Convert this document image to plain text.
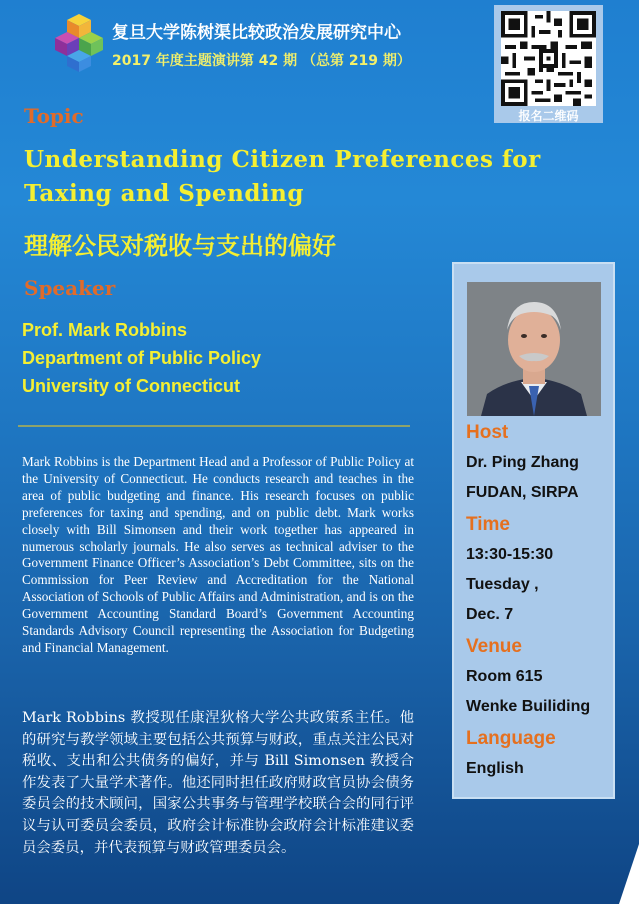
复旦大学陈树渠比较政治发展研究中心
2017 年度主题演讲第 42 期 （总第 219 期）
报名二维码
Topic
Understanding Citizen Preferences for Taxing and Spending
理解公民对税收与支出的偏好
Speaker
Prof. Mark Robbins
Department of Public Policy
University of Connecticut
Mark Robbins is the Department Head and a Professor of Public Policy at the University of Connecticut. He conducts research and teaches in the area of public budgeting and finance. His research focuses on public preferences for taxing and spending, and on public debt. Mark works closely with Bill Simonsen and their work together has appeared in numerous scholarly journals. He also serves as technical adviser to the Government Finance Officer’s Association’s Debt Committee, sits on the Commission for Peer Review and Accreditation for the National Association of Schools of Public Affairs and Administration, and is on the Government Accounting Standard Board’s Government Accounting Standards Advisory Council representing the Association for Budgeting and Financial Management.
Mark Robbins 教授现任康涅狄格大学公共政策系主任。他的研究与教学领域主要包括公共预算与财政，重点关注公民对税收、支出和公共债务的偏好，并与 Bill Simonsen 教授合作发表了大量学术著作。他还同时担任政府财政官员协会债务委员会的技术顾问，国家公共事务与管理学校联合会的同行评议与认可委员会委员，政府会计标准协会政府会计标准建议委员会委员，并代表预算与财政管理委员会。
Host
Dr. Ping Zhang
FUDAN, SIRPA
Time
13:30-15:30
Tuesday ,
Dec. 7
Venue
Room 615
Wenke Builiding
Language
English
